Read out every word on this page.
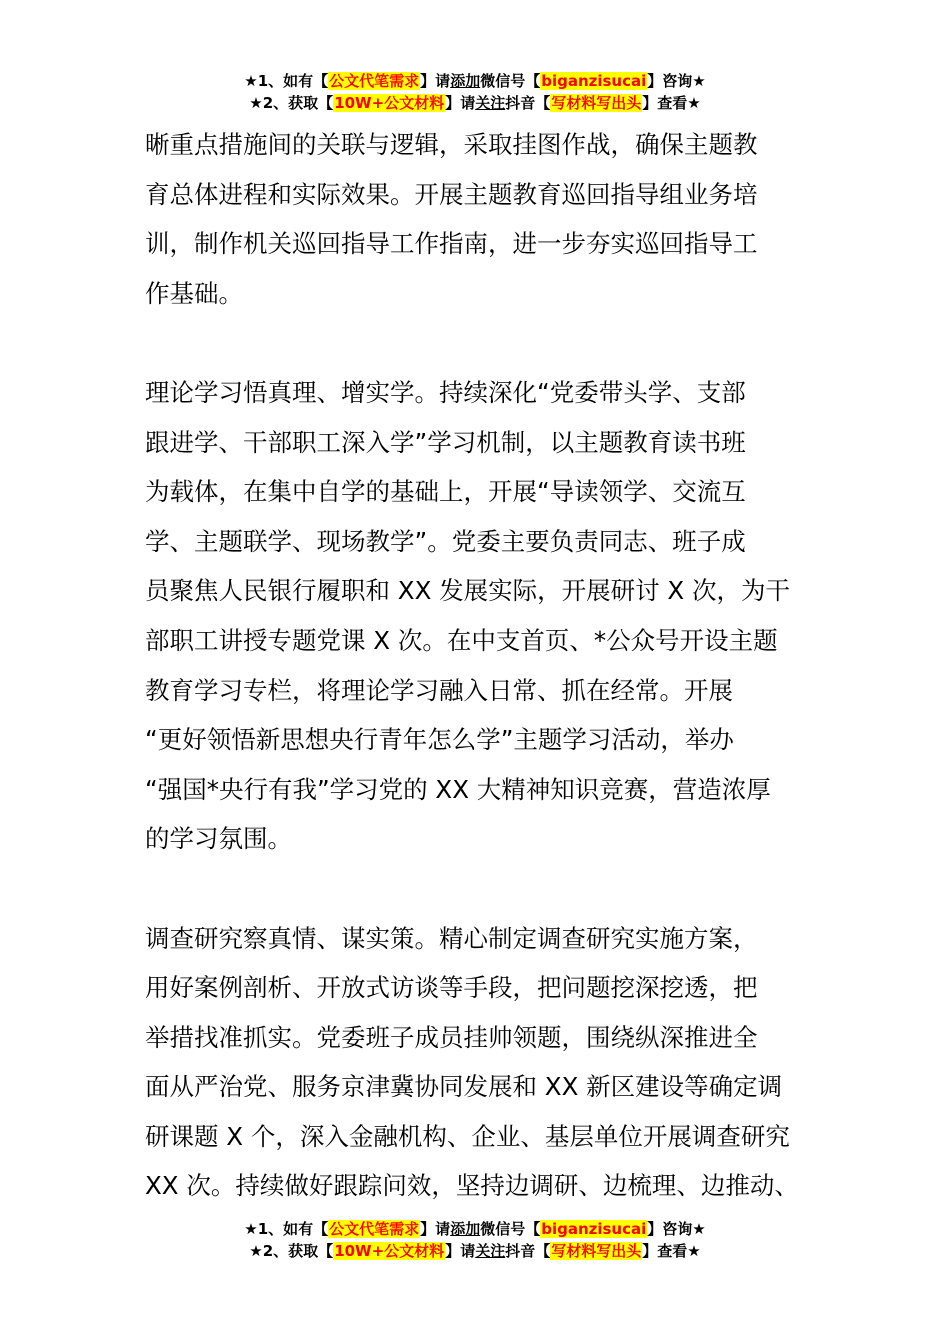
★1、如有【公文代笔需求】请添加微信号【biganzisucai】咨询★
★2、获取【10W+公文材料】请关注抖音【写材料写出头】查看★
晰重点措施间的关联与逻辑，采取挂图作战，确保主题教
育总体进程和实际效果。开展主题教育巡回指导组业务培
训，制作机关巡回指导工作指南，进一步夯实巡回指导工
作基础。
理论学习悟真理、增实学。持续深化“党委带头学、支部
跟进学、干部职工深入学”学习机制，以主题教育读书班
为载体，在集中自学的基础上，开展“导读领学、交流互
学、主题联学、现场教学”。党委主要负责同志、班子成
员聚焦人民银行履职和 XX 发展实际，开展研讨 X 次，为干
部职工讲授专题党课 X 次。在中支首页、*公众号开设主题
教育学习专栏，将理论学习融入日常、抓在经常。开展
“更好领悟新思想央行青年怎么学”主题学习活动，举办
“强国*央行有我”学习党的 XX 大精神知识竞赛，营造浓厚
的学习氛围。
调查研究察真情、谋实策。精心制定调查研究实施方案，
用好案例剖析、开放式访谈等手段，把问题挖深挖透，把
举措找准抓实。党委班子成员挂帅领题，围绕纵深推进全
面从严治党、服务京津冀协同发展和 XX 新区建设等确定调
研课题 X 个，深入金融机构、企业、基层单位开展调查研究
XX 次。持续做好跟踪问效，坚持边调研、边梳理、边推动、
★1、如有【公文代笔需求】请添加微信号【biganzisucai】咨询★
★2、获取【10W+公文材料】请关注抖音【写材料写出头】查看★
